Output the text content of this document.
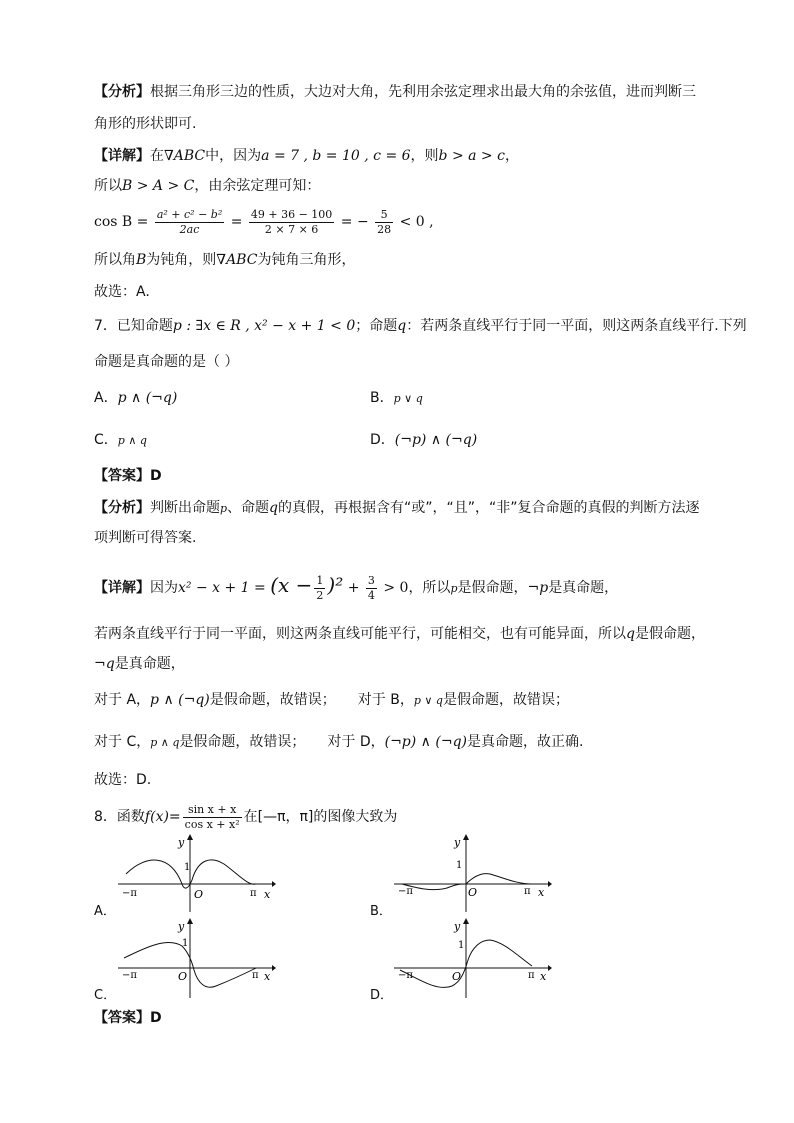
【分析】根据三角形三边的性质，大边对大角，先利用余弦定理求出最大角的余弦值，进而判断三
角形的形状即可.
【详解】在∇ABC中，因为a = 7 , b = 10 , c = 6，则b > a > c，
所以B > A > C，由余弦定理可知：
$\cos B = \frac{\text{a² + c² − b²}}{2ac} = \frac{49 + 36 - 100}{2 \times 7 \times 6}$ = − $\frac{5}{28} < 0$ ,
所以角B为钝角，则∇ABC为钝角三角形，
故选：A.
7．已知命题p : ∃x ∈ R , x² − x + 1 < 0；命题q：若两条直线平行于同一平面，则这两条直线平行.下列
命题是真命题的是（ ）
A．p ∧ (¬q)	B．p ∨ q
C．p ∧ q	D．(¬p) ∧ (¬q)
【答案】D
【分析】判断出命题p、命题q的真假，再根据含有“或”，“且”，“非”复合命题的真假的判断方法逐
项判断可得答案.
【详解】因为$x^2 - x + 1 = (x - \frac{1}{2} )^2 + \frac{3}{4} > 0$，所以p是假命题，¬p是真命题，
若两条直线平行于同一平面，则这两条直线可能平行，可能相交，也有可能异面，所以q是假命题，
¬q是真命题，
对于 A，p ∧ (¬q)是假命题，故错误； 对于 B，p ∨ q是假命题，故错误；
对于 C，p ∧ q是假命题，故错误； 对于 D，(¬p) ∧ (¬q)是真命题，故正确.
故选：D.
8．函数$f(x)= \frac{\text{sin x + x}}{\text{cos x + x²}}$ 在[—π，π]的图像大致为
A．
−π	π
1
O	x
y
B．
−π	π
1
O	x
y
C．
−π	π
1
O	x
y
D．
−π	π
1
O	x
y
【答案】D
